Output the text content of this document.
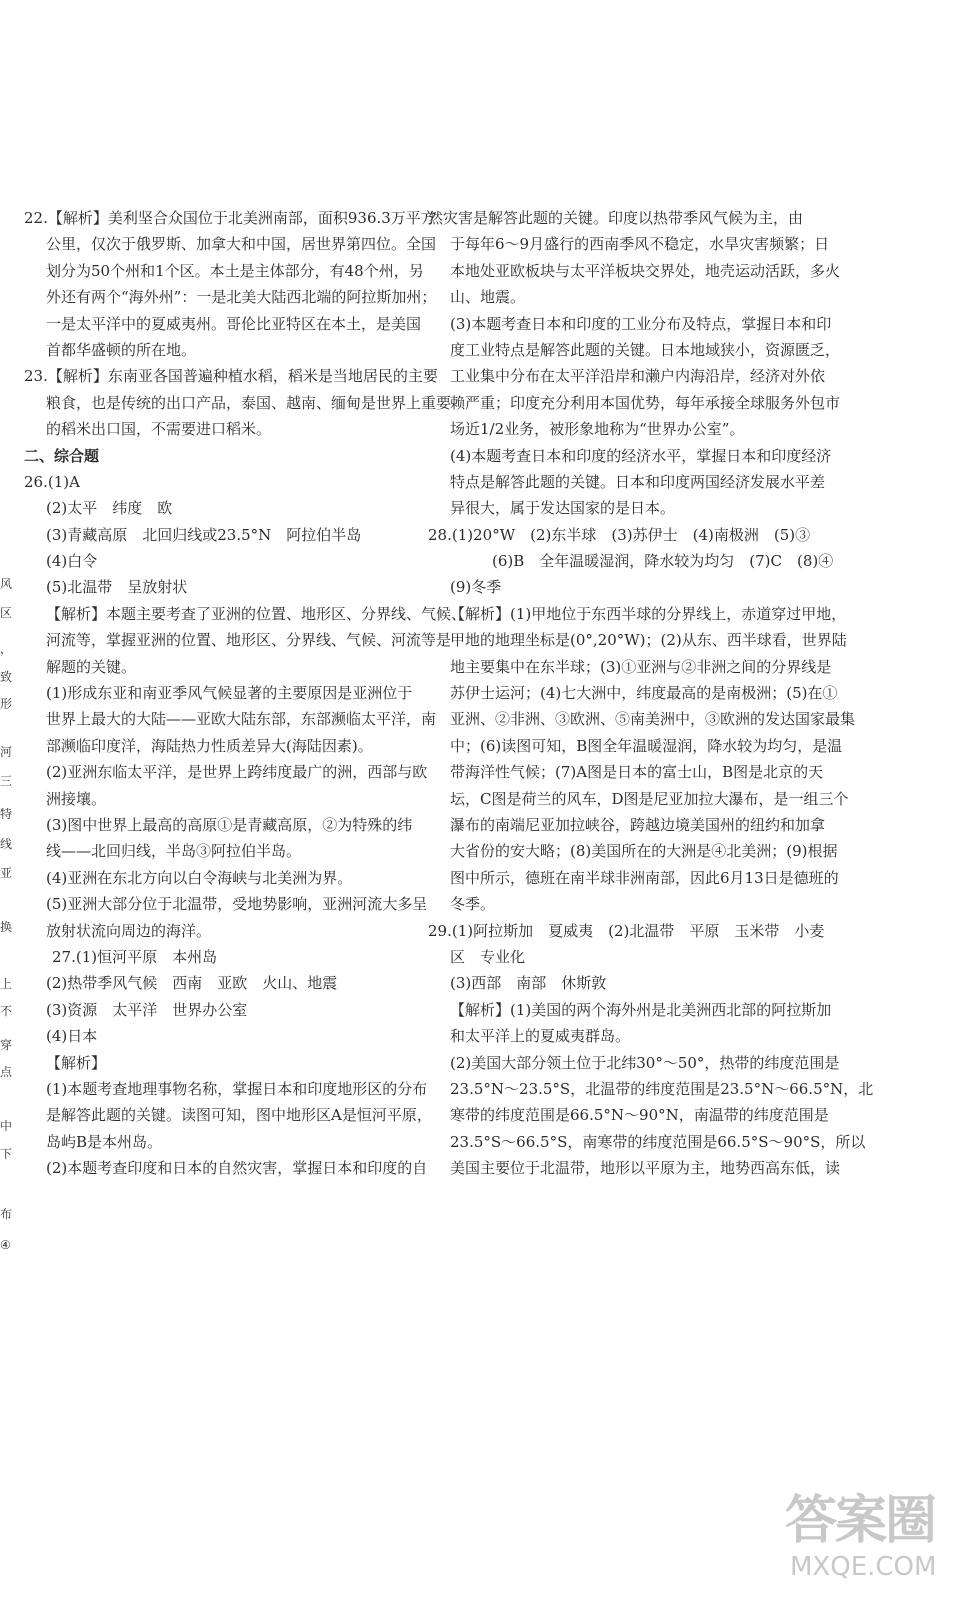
22.【解析】美利坚合众国位于北美洲南部，面积936.3万平方
公里，仅次于俄罗斯、加拿大和中国，居世界第四位。全国
划分为50个州和1个区。本土是主体部分，有48个州，另
外还有两个“海外州”：一是北美大陆西北端的阿拉斯加州；
一是太平洋中的夏威夷州。哥伦比亚特区在本土，是美国
首都华盛顿的所在地。
23.【解析】东南亚各国普遍种植水稻，稻米是当地居民的主要
粮食，也是传统的出口产品，泰国、越南、缅甸是世界上重要
的稻米出口国，不需要进口稻米。
二、综合题
26.(1)A
(2)太平　纬度　欧
(3)青藏高原　北回归线或23.5°N　阿拉伯半岛
(4)白令
(5)北温带　呈放射状
【解析】本题主要考查了亚洲的位置、地形区、分界线、气候、
河流等，掌握亚洲的位置、地形区、分界线、气候、河流等是
解题的关键。
(1)形成东亚和南亚季风气候显著的主要原因是亚洲位于
世界上最大的大陆——亚欧大陆东部，东部濒临太平洋，南
部濒临印度洋，海陆热力性质差异大(海陆因素)。
(2)亚洲东临太平洋，是世界上跨纬度最广的洲，西部与欧
洲接壤。
(3)图中世界上最高的高原①是青藏高原，②为特殊的纬
线——北回归线，半岛③阿拉伯半岛。
(4)亚洲在东北方向以白令海峡与北美洲为界。
(5)亚洲大部分位于北温带，受地势影响，亚洲河流大多呈
放射状流向周边的海洋。
27.(1)恒河平原　本州岛
(2)热带季风气候　西南　亚欧　火山、地震
(3)资源　太平洋　世界办公室
(4)日本
【解析】
(1)本题考查地理事物名称，掌握日本和印度地形区的分布
是解答此题的关键。读图可知，图中地形区A是恒河平原，
岛屿B是本州岛。
(2)本题考查印度和日本的自然灾害，掌握日本和印度的自
然灾害是解答此题的关键。印度以热带季风气候为主，由
于每年6～9月盛行的西南季风不稳定，水旱灾害频繁；日
本地处亚欧板块与太平洋板块交界处，地壳运动活跃，多火
山、地震。
(3)本题考查日本和印度的工业分布及特点，掌握日本和印
度工业特点是解答此题的关键。日本地域狭小，资源匮乏，
工业集中分布在太平洋沿岸和濑户内海沿岸，经济对外依
赖严重；印度充分利用本国优势，每年承接全球服务外包市
场近1/2业务，被形象地称为“世界办公室”。
(4)本题考查日本和印度的经济水平，掌握日本和印度经济
特点是解答此题的关键。日本和印度两国经济发展水平差
异很大，属于发达国家的是日本。
28.(1)20°W　(2)东半球　(3)苏伊士　(4)南极洲　(5)③
(6)B　全年温暖湿润，降水较为均匀　(7)C　(8)④
(9)冬季
【解析】(1)甲地位于东西半球的分界线上，赤道穿过甲地，
甲地的地理坐标是(0°,20°W)；(2)从东、西半球看，世界陆
地主要集中在东半球；(3)①亚洲与②非洲之间的分界线是
苏伊士运河；(4)七大洲中，纬度最高的是南极洲；(5)在①
亚洲、②非洲、③欧洲、⑤南美洲中，③欧洲的发达国家最集
中；(6)读图可知，B图全年温暖湿润，降水较为均匀，是温
带海洋性气候；(7)A图是日本的富士山，B图是北京的天
坛，C图是荷兰的风车，D图是尼亚加拉大瀑布，是一组三个
瀑布的南端尼亚加拉峡谷，跨越边境美国州的纽约和加拿
大省份的安大略；(8)美国所在的大洲是④北美洲；(9)根据
图中所示，德班在南半球非洲南部，因此6月13日是德班的
冬季。
29.(1)阿拉斯加　夏威夷　(2)北温带　平原　玉米带　小麦
区　专业化
(3)西部　南部　休斯敦
【解析】(1)美国的两个海外州是北美洲西北部的阿拉斯加
和太平洋上的夏威夷群岛。
(2)美国大部分领土位于北纬30°～50°，热带的纬度范围是
23.5°N～23.5°S，北温带的纬度范围是23.5°N～66.5°N，北
寒带的纬度范围是66.5°N～90°N，南温带的纬度范围是
23.5°S～66.5°S，南寒带的纬度范围是66.5°S～90°S，所以
美国主要位于北温带，地形以平原为主，地势西高东低，读
风
区
，
致
形
河
三
特
线
亚
换
上
不
穿
点
中
下
布
④
答案圈
MXQE.COM
